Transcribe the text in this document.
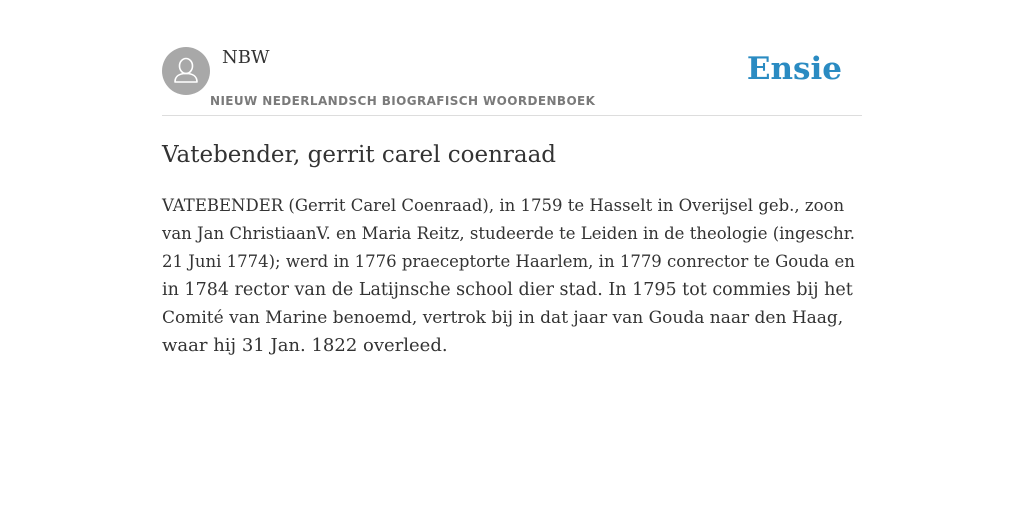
NBW
NIEUW NEDERLANDSCH BIOGRAFISCH WOORDENBOEK
Ensie
Vatebender, gerrit carel coenraad

VATEBENDER (Gerrit Carel Coenraad), in 1759 te Hasselt in Overijsel geb., zoon
van Jan ChristiaanV. en Maria Reitz, studeerde te Leiden in de theologie (ingeschr.
21 Juni 1774); werd in 1776 praeceptorte Haarlem, in 1779 conrector te Gouda en
in 1784 rector van de Latijnsche school dier stad. In 1795 tot commies bij het
Comité van Marine benoemd, vertrok bij in dat jaar van Gouda naar den Haag,
waar hij 31 Jan. 1822 overleed.
